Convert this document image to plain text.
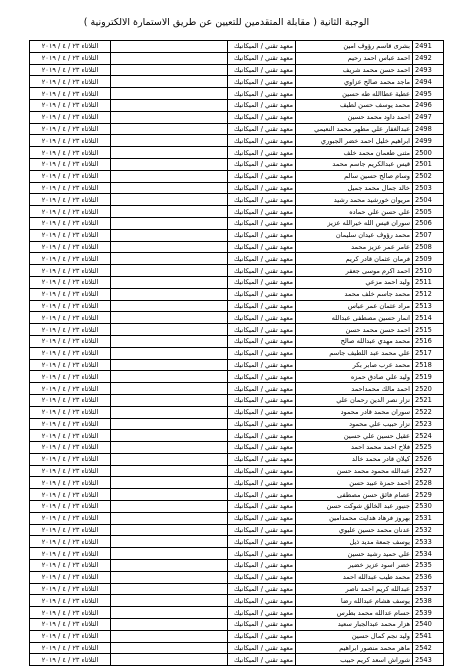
الوجبة الثانية ( مقابلة المتقدمين للتعيين عن طريق الاستمارة الالكترونية )
الثلاثاء ٢٣ / ٤ / ٢٠١٩		معهد تقني / الميكانيك	بشرى قاسم رؤوف امين	2491
الثلاثاء ٢٣ / ٤ / ٢٠١٩		معهد تقني / الميكانيك	احمد عباس احمد رحيم	2492
الثلاثاء ٢٣ / ٤ / ٢٠١٩		معهد تقني / الميكانيك	احمد حسن محمد شريف	2493
الثلاثاء ٢٣ / ٤ / ٢٠١٩		معهد تقني / الميكانيك	ماجد محمد صالح عزاوي	2494
الثلاثاء ٢٣ / ٤ / ٢٠١٩		معهد تقني / الميكانيك	عطية عطاالله طه حسين	2495
الثلاثاء ٢٣ / ٤ / ٢٠١٩		معهد تقني / الميكانيك	محمد يوسف حسن لطيف	2496
الثلاثاء ٢٣ / ٤ / ٢٠١٩		معهد تقني / الميكانيك	احمد داود محمد حسين	2497
الثلاثاء ٢٣ / ٤ / ٢٠١٩		معهد تقني / الميكانيك	عبدالغفار علي مطهر محمد النعيمي	2498
الثلاثاء ٢٣ / ٤ / ٢٠١٩		معهد تقني / الميكانيك	ابراهيم خليل احمد خضر الجبوري	2499
الثلاثاء ٢٣ / ٤ / ٢٠١٩		معهد تقني / الميكانيك	مثنى طعمان محمد خلف	2500
الثلاثاء ٢٣ / ٤ / ٢٠١٩		معهد تقني / الميكانيك	قيس عبدالكريم جاسم محمد	2501
الثلاثاء ٢٣ / ٤ / ٢٠١٩		معهد تقني / الميكانيك	وسام صالح حسين سالم	2502
الثلاثاء ٢٣ / ٤ / ٢٠١٩		معهد تقني / الميكانيك	خالد جمال محمد جميل	2503
الثلاثاء ٢٣ / ٤ / ٢٠١٩		معهد تقني / الميكانيك	مريوان خورشيد محمد رشيد	2504
الثلاثاء ٢٣ / ٤ / ٢٠١٩		معهد تقني / الميكانيك	علي حسن علي حماده	2505
الثلاثاء ٢٣ / ٤ / ٢٠١٩		معهد تقني / الميكانيك	سوران قيس الله خيرالله عزيز	2506
الثلاثاء ٢٣ / ٤ / ٢٠١٩		معهد تقني / الميكانيك	محمد رؤوف عيدان سليمان	2507
الثلاثاء ٢٣ / ٤ / ٢٠١٩		معهد تقني / الميكانيك	عامر عمر عزيز محمد	2508
الثلاثاء ٢٣ / ٤ / ٢٠١٩		معهد تقني / الميكانيك	فرمان عثمان قادر كريم	2509
الثلاثاء ٢٣ / ٤ / ٢٠١٩		معهد تقني / الميكانيك	احمد اكرم موسى جعفر	2510
الثلاثاء ٢٣ / ٤ / ٢٠١٩		معهد تقني / الميكانيك	وليد احمد مزعي	2511
الثلاثاء ٢٣ / ٤ / ٢٠١٩		معهد تقني / الميكانيك	محمد جاسم خلف محمد	2512
الثلاثاء ٢٣ / ٤ / ٢٠١٩		معهد تقني / الميكانيك	مراد عثمان عمر عباس	2513
الثلاثاء ٢٣ / ٤ / ٢٠١٩		معهد تقني / الميكانيك	انمار حسين مصطفى عبدالله	2514
الثلاثاء ٢٣ / ٤ / ٢٠١٩		معهد تقني / الميكانيك	احمد حسن محمد حسن	2515
الثلاثاء ٢٣ / ٤ / ٢٠١٩		معهد تقني / الميكانيك	محمد مهدي عبدالله صالح	2516
الثلاثاء ٢٣ / ٤ / ٢٠١٩		معهد تقني / الميكانيك	علي محمد عبد اللطيف جاسم	2517
الثلاثاء ٢٣ / ٤ / ٢٠١٩		معهد تقني / الميكانيك	محمد عرب صابر بكر	2518
الثلاثاء ٢٣ / ٤ / ٢٠١٩		معهد تقني / الميكانيك	وليد علي صادق حمزه	2519
الثلاثاء ٢٣ / ٤ / ٢٠١٩		معهد تقني / الميكانيك	احمد مالك محمداحمد	2520
الثلاثاء ٢٣ / ٤ / ٢٠١٩		معهد تقني / الميكانيك	نزار نصر الدين رحمان علي	2521
الثلاثاء ٢٣ / ٤ / ٢٠١٩		معهد تقني / الميكانيك	سوران محمد قادر محمود	2522
الثلاثاء ٢٣ / ٤ / ٢٠١٩		معهد تقني / الميكانيك	نزار حبيب علي محمود	2523
الثلاثاء ٢٣ / ٤ / ٢٠١٩		معهد تقني / الميكانيك	عقيل حسين علي حسين	2524
الثلاثاء ٢٣ / ٤ / ٢٠١٩		معهد تقني / الميكانيك	فلاح احمد محمد احمد	2525
الثلاثاء ٢٣ / ٤ / ٢٠١٩		معهد تقني / الميكانيك	كيلان قادر محمد خالد	2526
الثلاثاء ٢٣ / ٤ / ٢٠١٩		معهد تقني / الميكانيك	عبدالله محمود محمد حسن	2527
الثلاثاء ٢٣ / ٤ / ٢٠١٩		معهد تقني / الميكانيك	احمد حمزة عبيد حسن	2528
الثلاثاء ٢٣ / ٤ / ٢٠١٩		معهد تقني / الميكانيك	عصام فائق حسن مصطفى	2529
الثلاثاء ٢٣ / ٤ / ٢٠١٩		معهد تقني / الميكانيك	جنيور عبد الخالق شوكت حسن	2530
الثلاثاء ٢٣ / ٤ / ٢٠١٩		معهد تقني / الميكانيك	بهروز فرهاد هدايت محمدامين	2531
الثلاثاء ٢٣ / ٤ / ٢٠١٩		معهد تقني / الميكانيك	عدنان محمد حسين عليوي	2532
الثلاثاء ٢٣ / ٤ / ٢٠١٩		معهد تقني / الميكانيك	يوسف جمعة مديد ذيل	2533
الثلاثاء ٢٣ / ٤ / ٢٠١٩		معهد تقني / الميكانيك	علي حميد رشيد حسين	2534
الثلاثاء ٢٣ / ٤ / ٢٠١٩		معهد تقني / الميكانيك	خضر اسود عزيز خضير	2535
الثلاثاء ٢٣ / ٤ / ٢٠١٩		معهد تقني / الميكانيك	محمد طيب عبدالله احمد	2536
الثلاثاء ٢٣ / ٤ / ٢٠١٩		معهد تقني / الميكانيك	عبدالله كريم احمد ناصر	2537
الثلاثاء ٢٣ / ٤ / ٢٠١٩		معهد تقني / الميكانيك	يوسف هشام عبدالله رضا	2538
الثلاثاء ٢٣ / ٤ / ٢٠١٩		معهد تقني / الميكانيك	حسام عدالله محمد بطرس	2539
الثلاثاء ٢٣ / ٤ / ٢٠١٩		معهد تقني / الميكانيك	هزار محمد عبدالجبار سعيد	2540
الثلاثاء ٢٣ / ٤ / ٢٠١٩		معهد تقني / الميكانيك	وليد نجم كمال حسين	2541
الثلاثاء ٢٣ / ٤ / ٢٠١٩		معهد تقني / الميكانيك	ماهر محمد منصور ابراهيم	2542
الثلاثاء ٢٣ / ٤ / ٢٠١٩		معهد تقني / الميكانيك	شوراش اسعد كريم حبيب	2543
